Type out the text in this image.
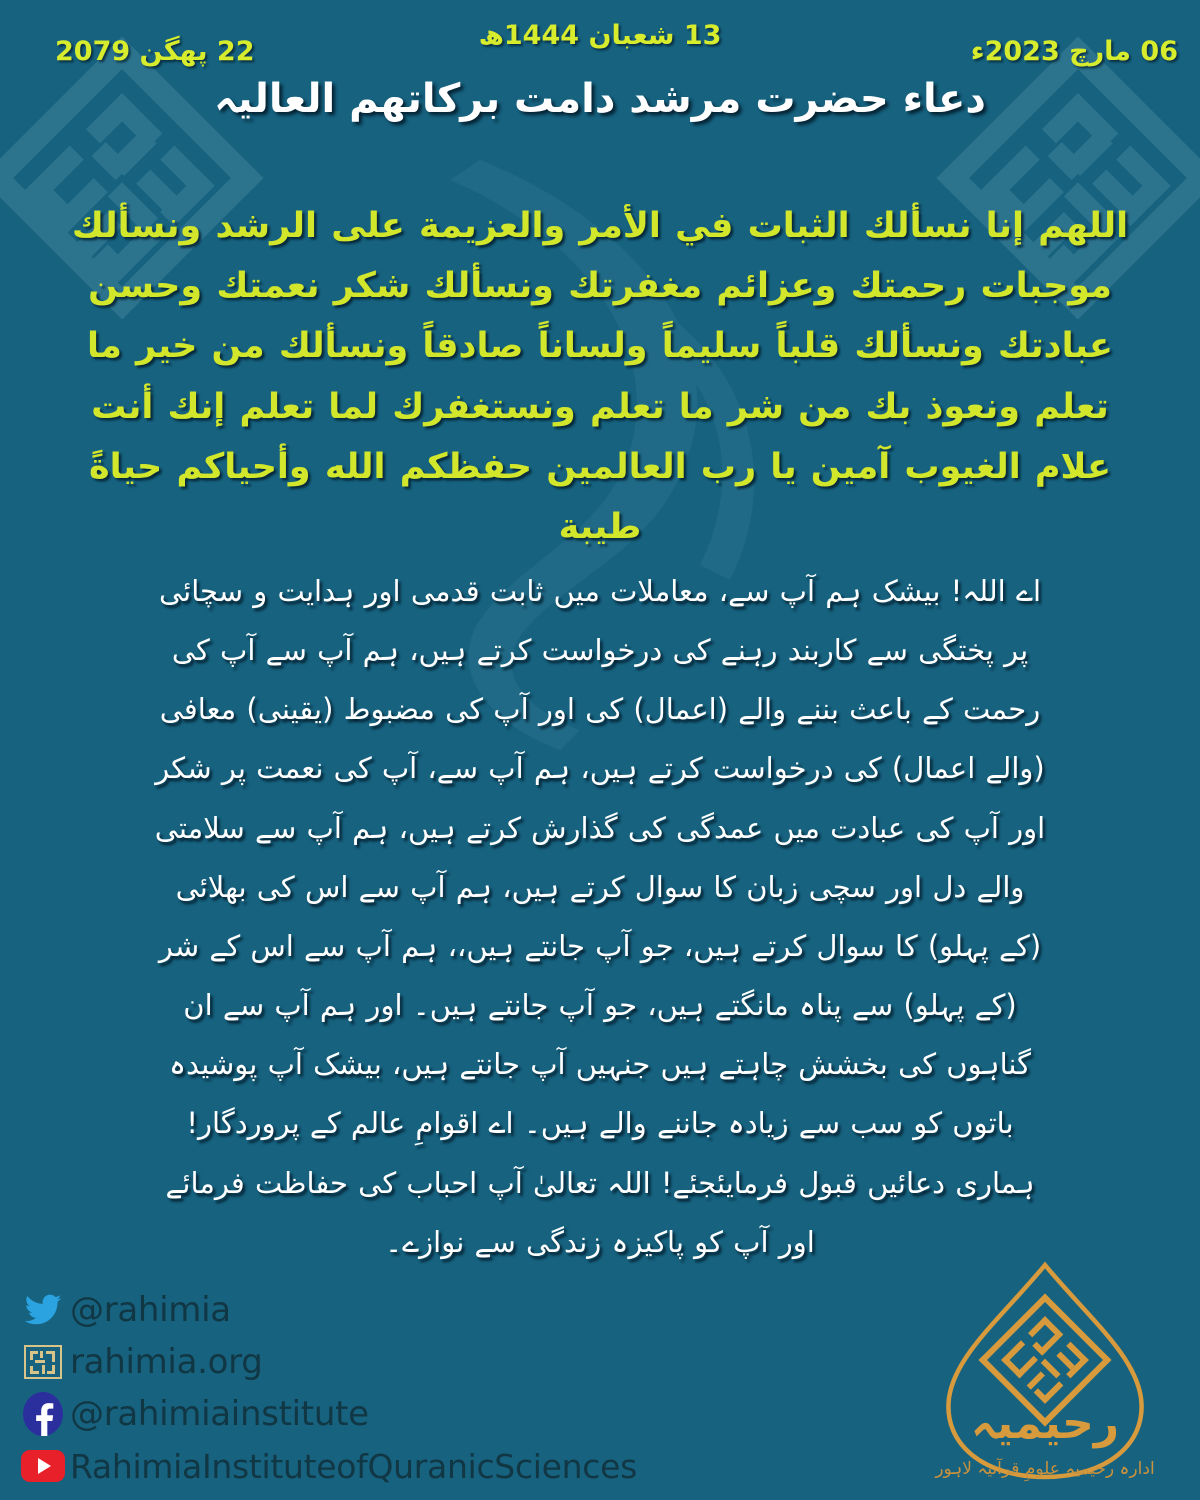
13 شعبان 1444ھ
06 مارچ 2023ء
22 پھگن 2079
دعاء حضرت مرشد دامت برکاتھم العالیہ
اللھم إنا نسألك الثبات في الأمر والعزيمة على الرشد ونسألك موجبات رحمتك وعزائم مغفرتك ونسألك شكر نعمتك وحسن عبادتك ونسألك قلباً سليماً ولساناً صادقاً ونسألك من خير ما تعلم ونعوذ بك من شر ما تعلم ونستغفرك لما تعلم إنك أنت علام الغيوب آمين يا رب العالمين حفظكم الله وأحياكم حياةً طيبة
اے اللہ! بیشک ہم آپ سے، معاملات میں ثابت قدمی اور ہدایت و سچائی پر پختگی سے کاربند رہنے کی درخواست کرتے ہیں، ہم آپ سے آپ کی رحمت کے باعث بننے والے (اعمال) کی اور آپ کی مضبوط (یقینی) معافی (والے اعمال) کی درخواست کرتے ہیں، ہم آپ سے، آپ کی نعمت پر شکر اور آپ کی عبادت میں عمدگی کی گذارش کرتے ہیں، ہم آپ سے سلامتی والے دل اور سچی زبان کا سوال کرتے ہیں، ہم آپ سے اس کی بھلائی (کے پہلو) کا سوال کرتے ہیں، جو آپ جانتے ہیں،، ہم آپ سے اس کے شر (کے پہلو) سے پناہ مانگتے ہیں، جو آپ جانتے ہیں۔ اور ہم آپ سے ان گناہوں کی بخشش چاہتے ہیں جنہیں آپ جانتے ہیں، بیشک آپ پوشیدہ باتوں کو سب سے زیادہ جاننے والے ہیں۔ اے اقوامِ عالم کے پروردگار! ہماری دعائیں قبول فرمایئجئے! اللہ تعالیٰ آپ احباب کی حفاظت فرمائے اور آپ کو پاکیزہ زندگی سے نوازے۔
@rahimia
rahimia.org
@rahimiainstitute
RahimiaInstituteofQuranicSciences
رحیمیہ
ادارہ رحیمیہ علومِ قرآنیہ لاہور
